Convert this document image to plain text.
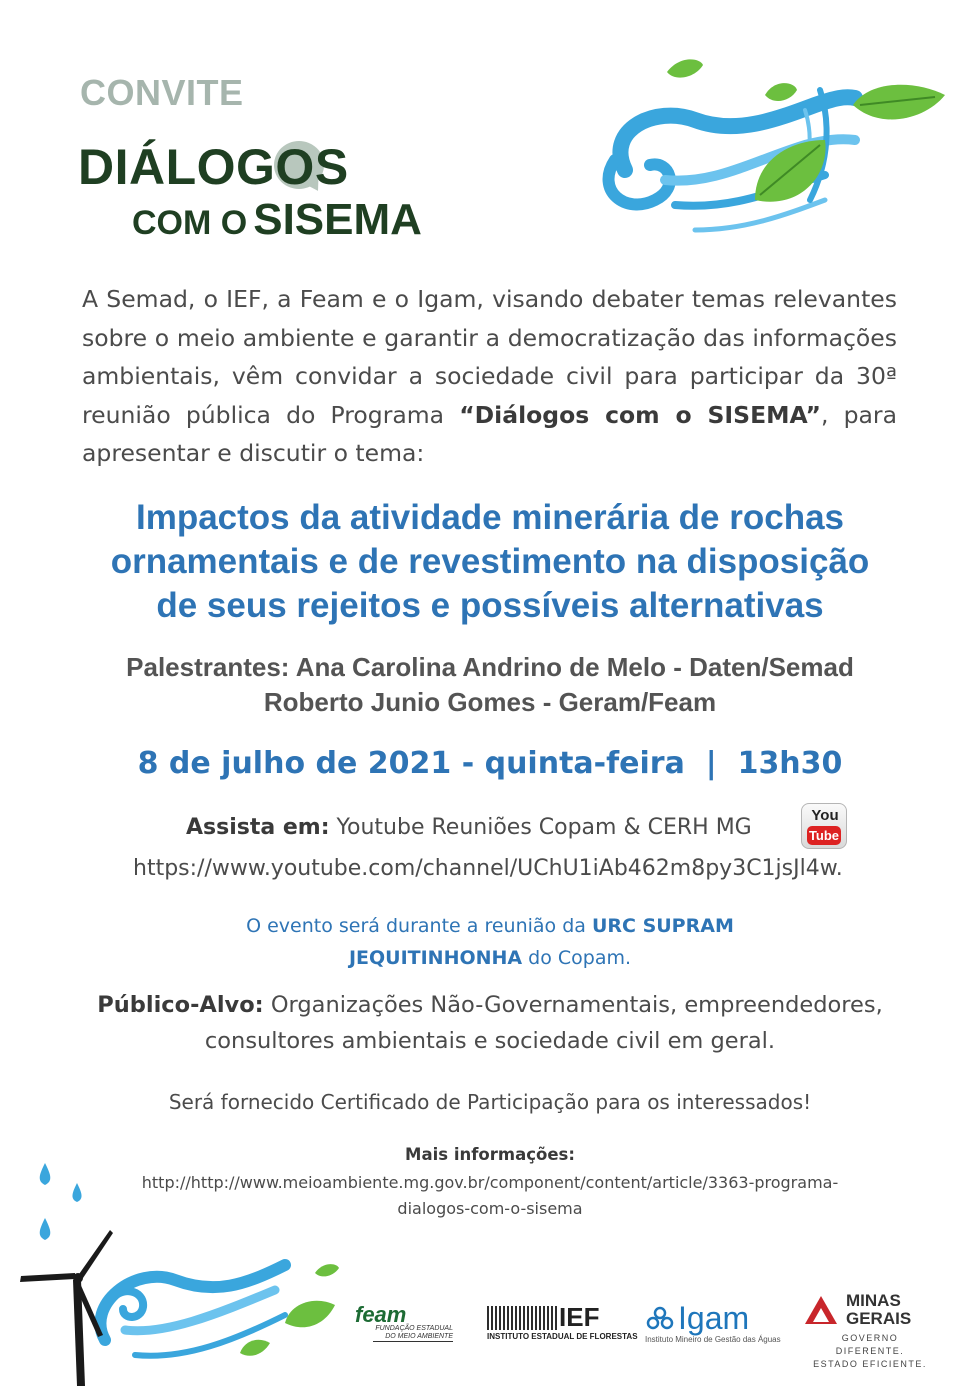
CONVITE
DIÁLOGOS
COM O SISEMA

A Semad, o IEF, a Feam e o Igam, visando debater temas relevantes sobre o meio ambiente e garantir a democratização das informações ambientais, vêm convidar a sociedade civil para participar da 30ª reunião pública do Programa “Diálogos com o SISEMA”, para apresentar e discutir o tema:

Impactos da atividade minerária de rochas
ornamentais e de revestimento na disposição
de seus rejeitos e possíveis alternativas
Palestrantes: Ana Carolina Andrino de Melo - Daten/Semad
Roberto Junio Gomes - Geram/Feam
8 de julho de 2021 - quinta-feira  |  13h30
Assista em: Youtube Reuniões Copam & CERH MG	You
Tube
https://www.youtube.com/channel/UChU1iAb462m8py3C1jsJl4w.
O evento será durante a reunião da URC SUPRAM
JEQUITINHONHA do Copam.

Público-Alvo: Organizações Não-Governamentais, empreendedores, consultores ambientais e sociedade civil em geral.

Será fornecido Certificado de Participação para os interessados!
Mais informações:
http://http://www.meioambiente.mg.gov.br/component/content/article/3363-programa-
dialogos-com-o-sisema
feam
FUNDAÇÃO ESTADUAL
DO MEIO AMBIENTE
IEF
INSTITUTO ESTADUAL DE FLORESTAS
Igam
Instituto Mineiro de Gestão das Águas
MINAS
GERAIS
GOVERNO DIFERENTE.
ESTADO EFICIENTE.
